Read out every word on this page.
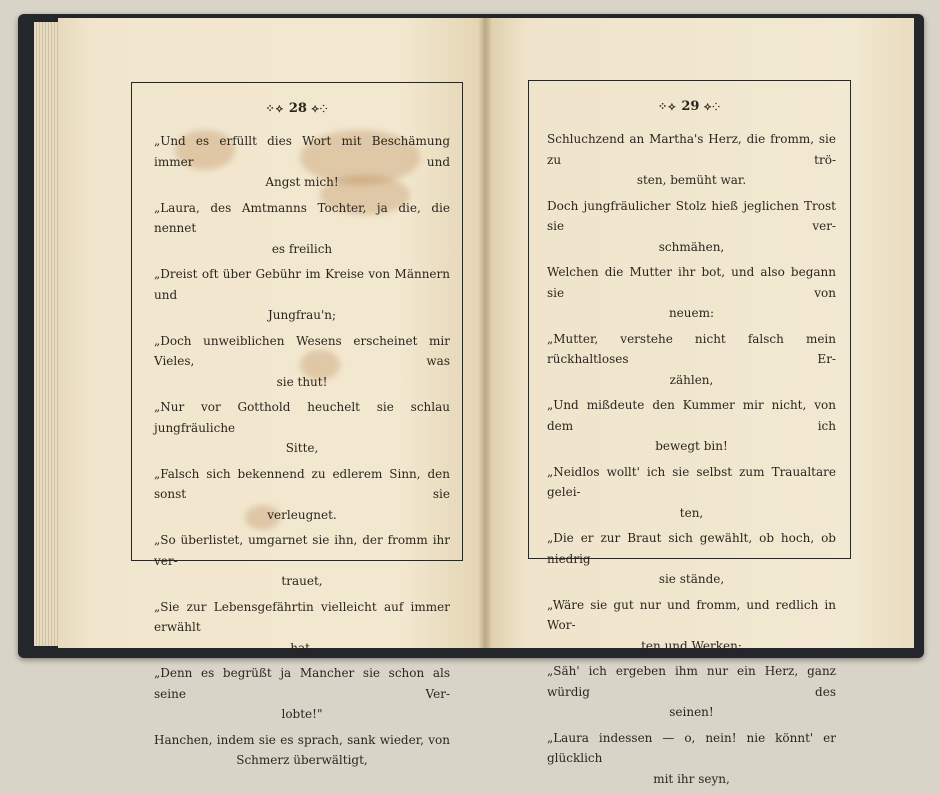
⁘⟡ 28 ⟡⁘
„Und es erfüllt dies Wort mit Beschämung immer und
Angst mich!
„Laura, des Amtmanns Tochter, ja die, die nennet
es freilich
„Dreist oft über Gebühr im Kreise von Männern und
Jungfrau'n;
„Doch unweiblichen Wesens erscheinet mir Vieles, was
sie thut!
„Nur vor Gotthold heuchelt sie schlau jungfräuliche
Sitte,
„Falsch sich bekennend zu edlerem Sinn, den sonst sie
verleugnet.
„So überlistet, umgarnet sie ihn, der fromm ihr ver-
trauet,
„Sie zur Lebensgefährtin vielleicht auf immer erwählt
hat,
„Denn es begrüßt ja Mancher sie schon als seine Ver-
lobte!"
Hanchen, indem sie es sprach, sank wieder, von
Schmerz überwältigt,
⁘⟡ 29 ⟡⁘
Schluchzend an Martha's Herz, die fromm, sie zu trö-
sten, bemüht war.
Doch jungfräulicher Stolz hieß jeglichen Trost sie ver-
schmähen,
Welchen die Mutter ihr bot, und also begann sie von
neuem:
„Mutter, verstehe nicht falsch mein rückhaltloses Er-
zählen,
„Und mißdeute den Kummer mir nicht, von dem ich
bewegt bin!
„Neidlos wollt' ich sie selbst zum Traualtare gelei-
ten,
„Die er zur Braut sich gewählt, ob hoch, ob niedrig
sie stände,
„Wäre sie gut nur und fromm, und redlich in Wor-
ten und Werken;
„Säh' ich ergeben ihm nur ein Herz, ganz würdig des
seinen!
„Laura indessen — o, nein! nie könnt' er glücklich
mit ihr seyn,
